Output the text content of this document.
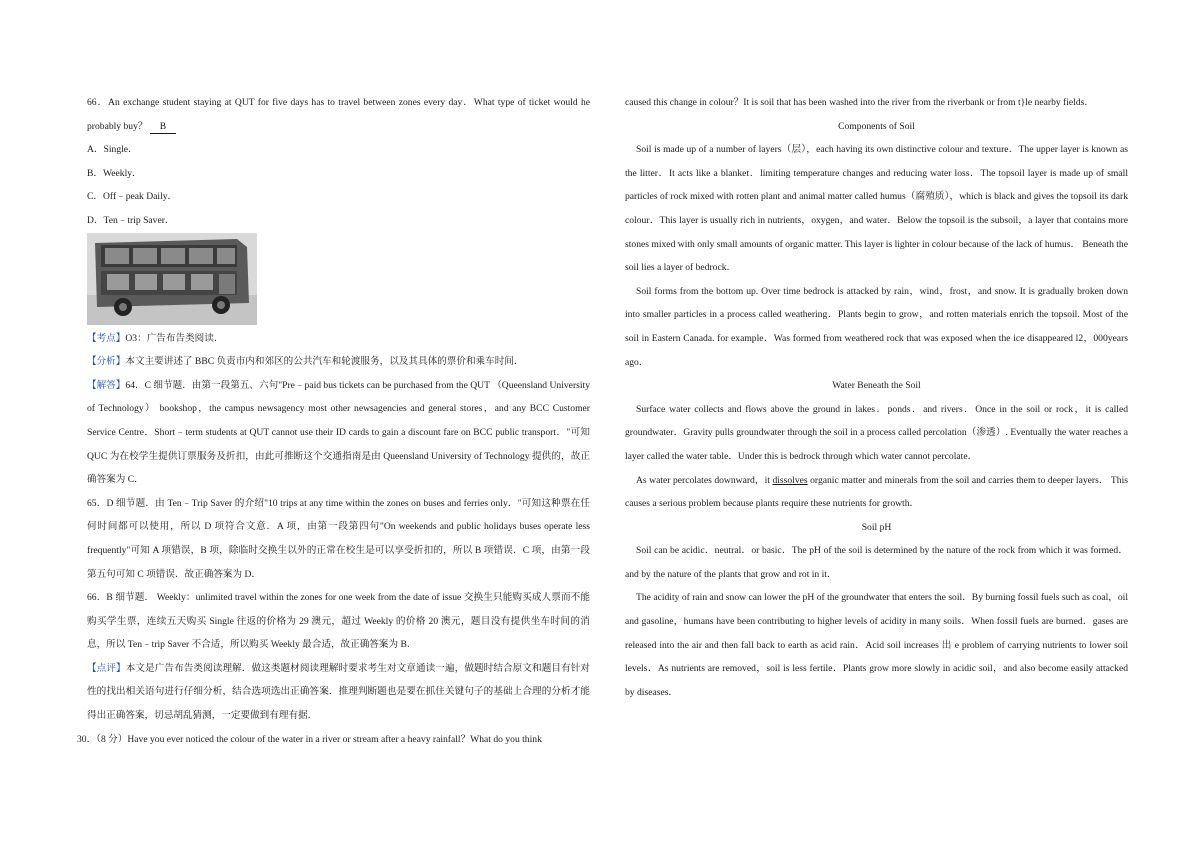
66．An exchange student staying at QUT for five days has to travel between zones every day．What type of ticket would he probably buy？ B

A．Single．

B．Weekly．

C．Off﹣peak Daily．

D．Ten﹣trip Saver．

【考点】O3：广告布告类阅读．

【分析】本文主要讲述了 BBC 负责市内和郊区的公共汽车和轮渡服务，以及其具体的票价和乘车时间．

【解答】64．C 细节题．由第一段第五、六句"Pre﹣paid bus tickets can be purchased from the QUT （Queensland University of Technology） bookshop，the campus newsagency most other newsagencies and general stores，and any BCC Customer Service Centre．Short﹣term students at QUT cannot use their ID cards to gain a discount fare on BCC public transport．"可知 QUC 为在校学生提供订票服务及折扣，由此可推断这个交通指南是由 Queensland University of Technology 提供的，故正确答案为 C．

65．D 细节题．由 Ten﹣Trip Saver 的介绍"10 trips at any time within the zones on buses and ferries only．"可知这种票在任何时间都可以使用，所以 D 项符合文意．A 项，由第一段第四句"On weekends and public holidays buses operate less frequently"可知 A 项错误，B 项，除临时交换生以外的正常在校生是可以享受折扣的，所以 B 项错误．C 项，由第一段第五句可知 C 项错误．故正确答案为 D．

66．B 细节题． Weekly：unlimited travel within the zones for one week from the date of issue 交换生只能购买成人票而不能购买学生票，连续五天购买 Single 往返的价格为 29 澳元，超过 Weekly 的价格 20 澳元，题目没有提供坐车时间的消息，所以 Ten﹣trip Saver 不合适，所以购买 Weekly 最合适，故正确答案为 B．

【点评】本文是广告布告类阅读理解．做这类题材阅读理解时要求考生对文章通读一遍，做题时结合原文和题目有针对性的找出相关语句进行仔细分析，结合选项选出正确答案．推理判断题也是要在抓住关键句子的基础上合理的分析才能得出正确答案，切忌胡乱猜测，一定要做到有理有据．

30．（8 分）Have you ever noticed the colour of the water in a river or stream after a heavy rainfall？What do you think

caused this change in colour？It is soil that has been washed into the river from the riverbank or from t}le nearby fields．

Components of Soil

Soil is made up of a number of layers（层），each having its own distinctive colour and texture．The upper layer is known as the litter．It acts like a blanket．limiting temperature changes and reducing water loss．The topsoil layer is made up of small particles of rock mixed with rotten plant and animal matter called humus（腐殖质），which is black and gives the topsoil its dark colour．This layer is usually rich in nutrients，oxygen，and water．Below the topsoil is the subsoil，a layer that contains more stones mixed with only small amounts of organic matter. This layer is lighter in colour because of the lack of humus． Beneath the soil lies a layer of bedrock．

Soil forms from the bottom up. Over time bedrock is attacked by rain，wind，frost，and snow. It is gradually broken down into smaller particles in a process called weathering．Plants begin to grow，and rotten materials enrich the topsoil. Most of the soil in Eastern Canada. for example．Was formed from weathered rock that was exposed when the ice disappeared l2，000years ago．

Water Beneath the Soil

Surface water collects and flows above the ground in lakes．ponds．and rivers．Once in the soil or rock，it is called groundwater．Gravity pulls groundwater through the soil in a process called percolation（渗透）. Eventually the water reaches a layer called the water table．Under this is bedrock through which water cannot percolate．

As water percolates downward，it dissolves organic matter and minerals from the soil and carries them to deeper layers． This causes a serious problem because plants require these nutrients for growth．

Soil pH

Soil can be acidic．neutral．or basic．The pH of the soil is determined by the nature of the rock from which it was formed．and by the nature of the plants that grow and rot in it．

The acidity of rain and snow can lower the pH of the groundwater that enters the soil．By burning fossil fuels such as coal，oil and gasoline，humans have been contributing to higher levels of acidity in many soils．When fossil fuels are burned．gases are released into the air and then fall back to earth as acid rain．Acid soil increases 出 e problem of carrying nutrients to lower soil levels．As nutrients are removed，soil is less fertile．Plants grow more slowly in acidic soil，and also become easily attacked by diseases．
